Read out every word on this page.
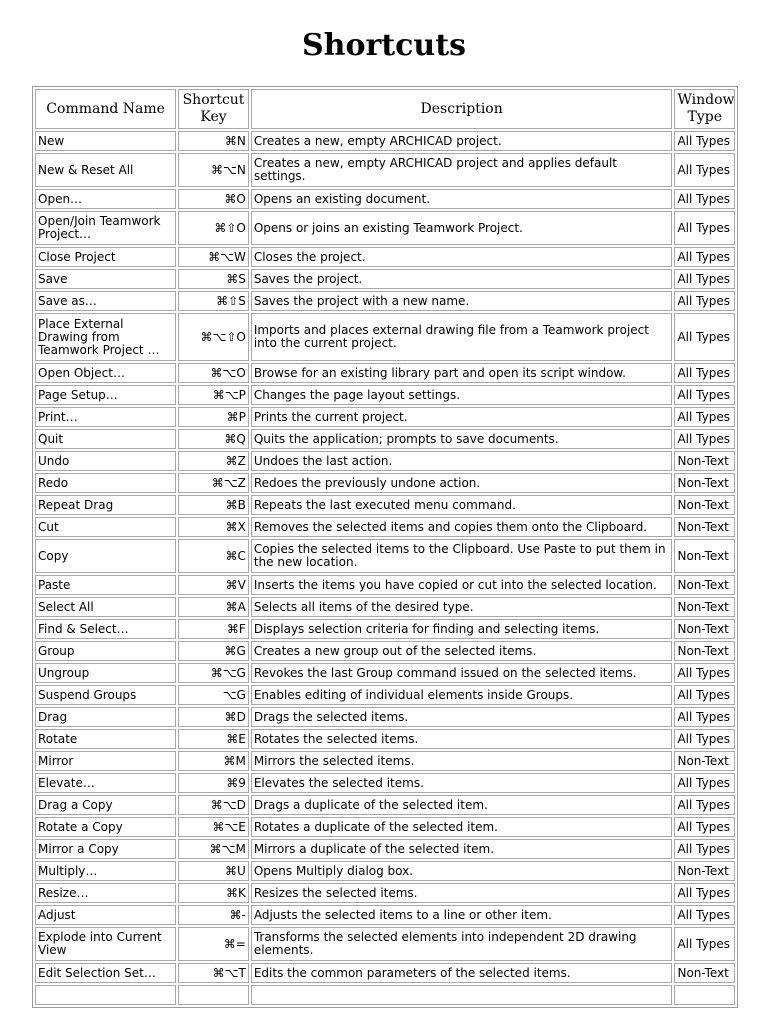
Shortcuts
Command Name	Shortcut Key	Description	Window Type
New	⌘N	Creates a new, empty ARCHICAD project.	All Types
New & Reset All	⌘⌥N	Creates a new, empty ARCHICAD project and applies default settings.	All Types
Open…	⌘O	Opens an existing document.	All Types
Open/Join Teamwork Project…	⌘⇧O	Opens or joins an existing Teamwork Project.	All Types
Close Project	⌘⌥W	Closes the project.	All Types
Save	⌘S	Saves the project.	All Types
Save as…	⌘⇧S	Saves the project with a new name.	All Types
Place External Drawing from Teamwork Project …	⌘⌥⇧O	Imports and places external drawing file from a Teamwork project into the current project.	All Types
Open Object…	⌘⌥O	Browse for an existing library part and open its script window.	All Types
Page Setup…	⌘⌥P	Changes the page layout settings.	All Types
Print…	⌘P	Prints the current project.	All Types
Quit	⌘Q	Quits the application; prompts to save documents.	All Types
Undo	⌘Z	Undoes the last action.	Non-Text
Redo	⌘⌥Z	Redoes the previously undone action.	Non-Text
Repeat Drag	⌘B	Repeats the last executed menu command.	Non-Text
Cut	⌘X	Removes the selected items and copies them onto the Clipboard.	Non-Text
Copy	⌘C	Copies the selected items to the Clipboard. Use Paste to put them in the new location.	Non-Text
Paste	⌘V	Inserts the items you have copied or cut into the selected location.	Non-Text
Select All	⌘A	Selects all items of the desired type.	Non-Text
Find & Select…	⌘F	Displays selection criteria for finding and selecting items.	Non-Text
Group	⌘G	Creates a new group out of the selected items.	Non-Text
Ungroup	⌘⌥G	Revokes the last Group command issued on the selected items.	All Types
Suspend Groups	⌥G	Enables editing of individual elements inside Groups.	All Types
Drag	⌘D	Drags the selected items.	All Types
Rotate	⌘E	Rotates the selected items.	All Types
Mirror	⌘M	Mirrors the selected items.	Non-Text
Elevate…	⌘9	Elevates the selected items.	All Types
Drag a Copy	⌘⌥D	Drags a duplicate of the selected item.	All Types
Rotate a Copy	⌘⌥E	Rotates a duplicate of the selected item.	All Types
Mirror a Copy	⌘⌥M	Mirrors a duplicate of the selected item.	All Types
Multiply…	⌘U	Opens Multiply dialog box.	Non-Text
Resize…	⌘K	Resizes the selected items.	All Types
Adjust	⌘-	Adjusts the selected items to a line or other item.	All Types
Explode into Current View	⌘=	Transforms the selected elements into independent 2D drawing elements.	All Types
Edit Selection Set…	⌘⌥T	Edits the common parameters of the selected items.	Non-Text
